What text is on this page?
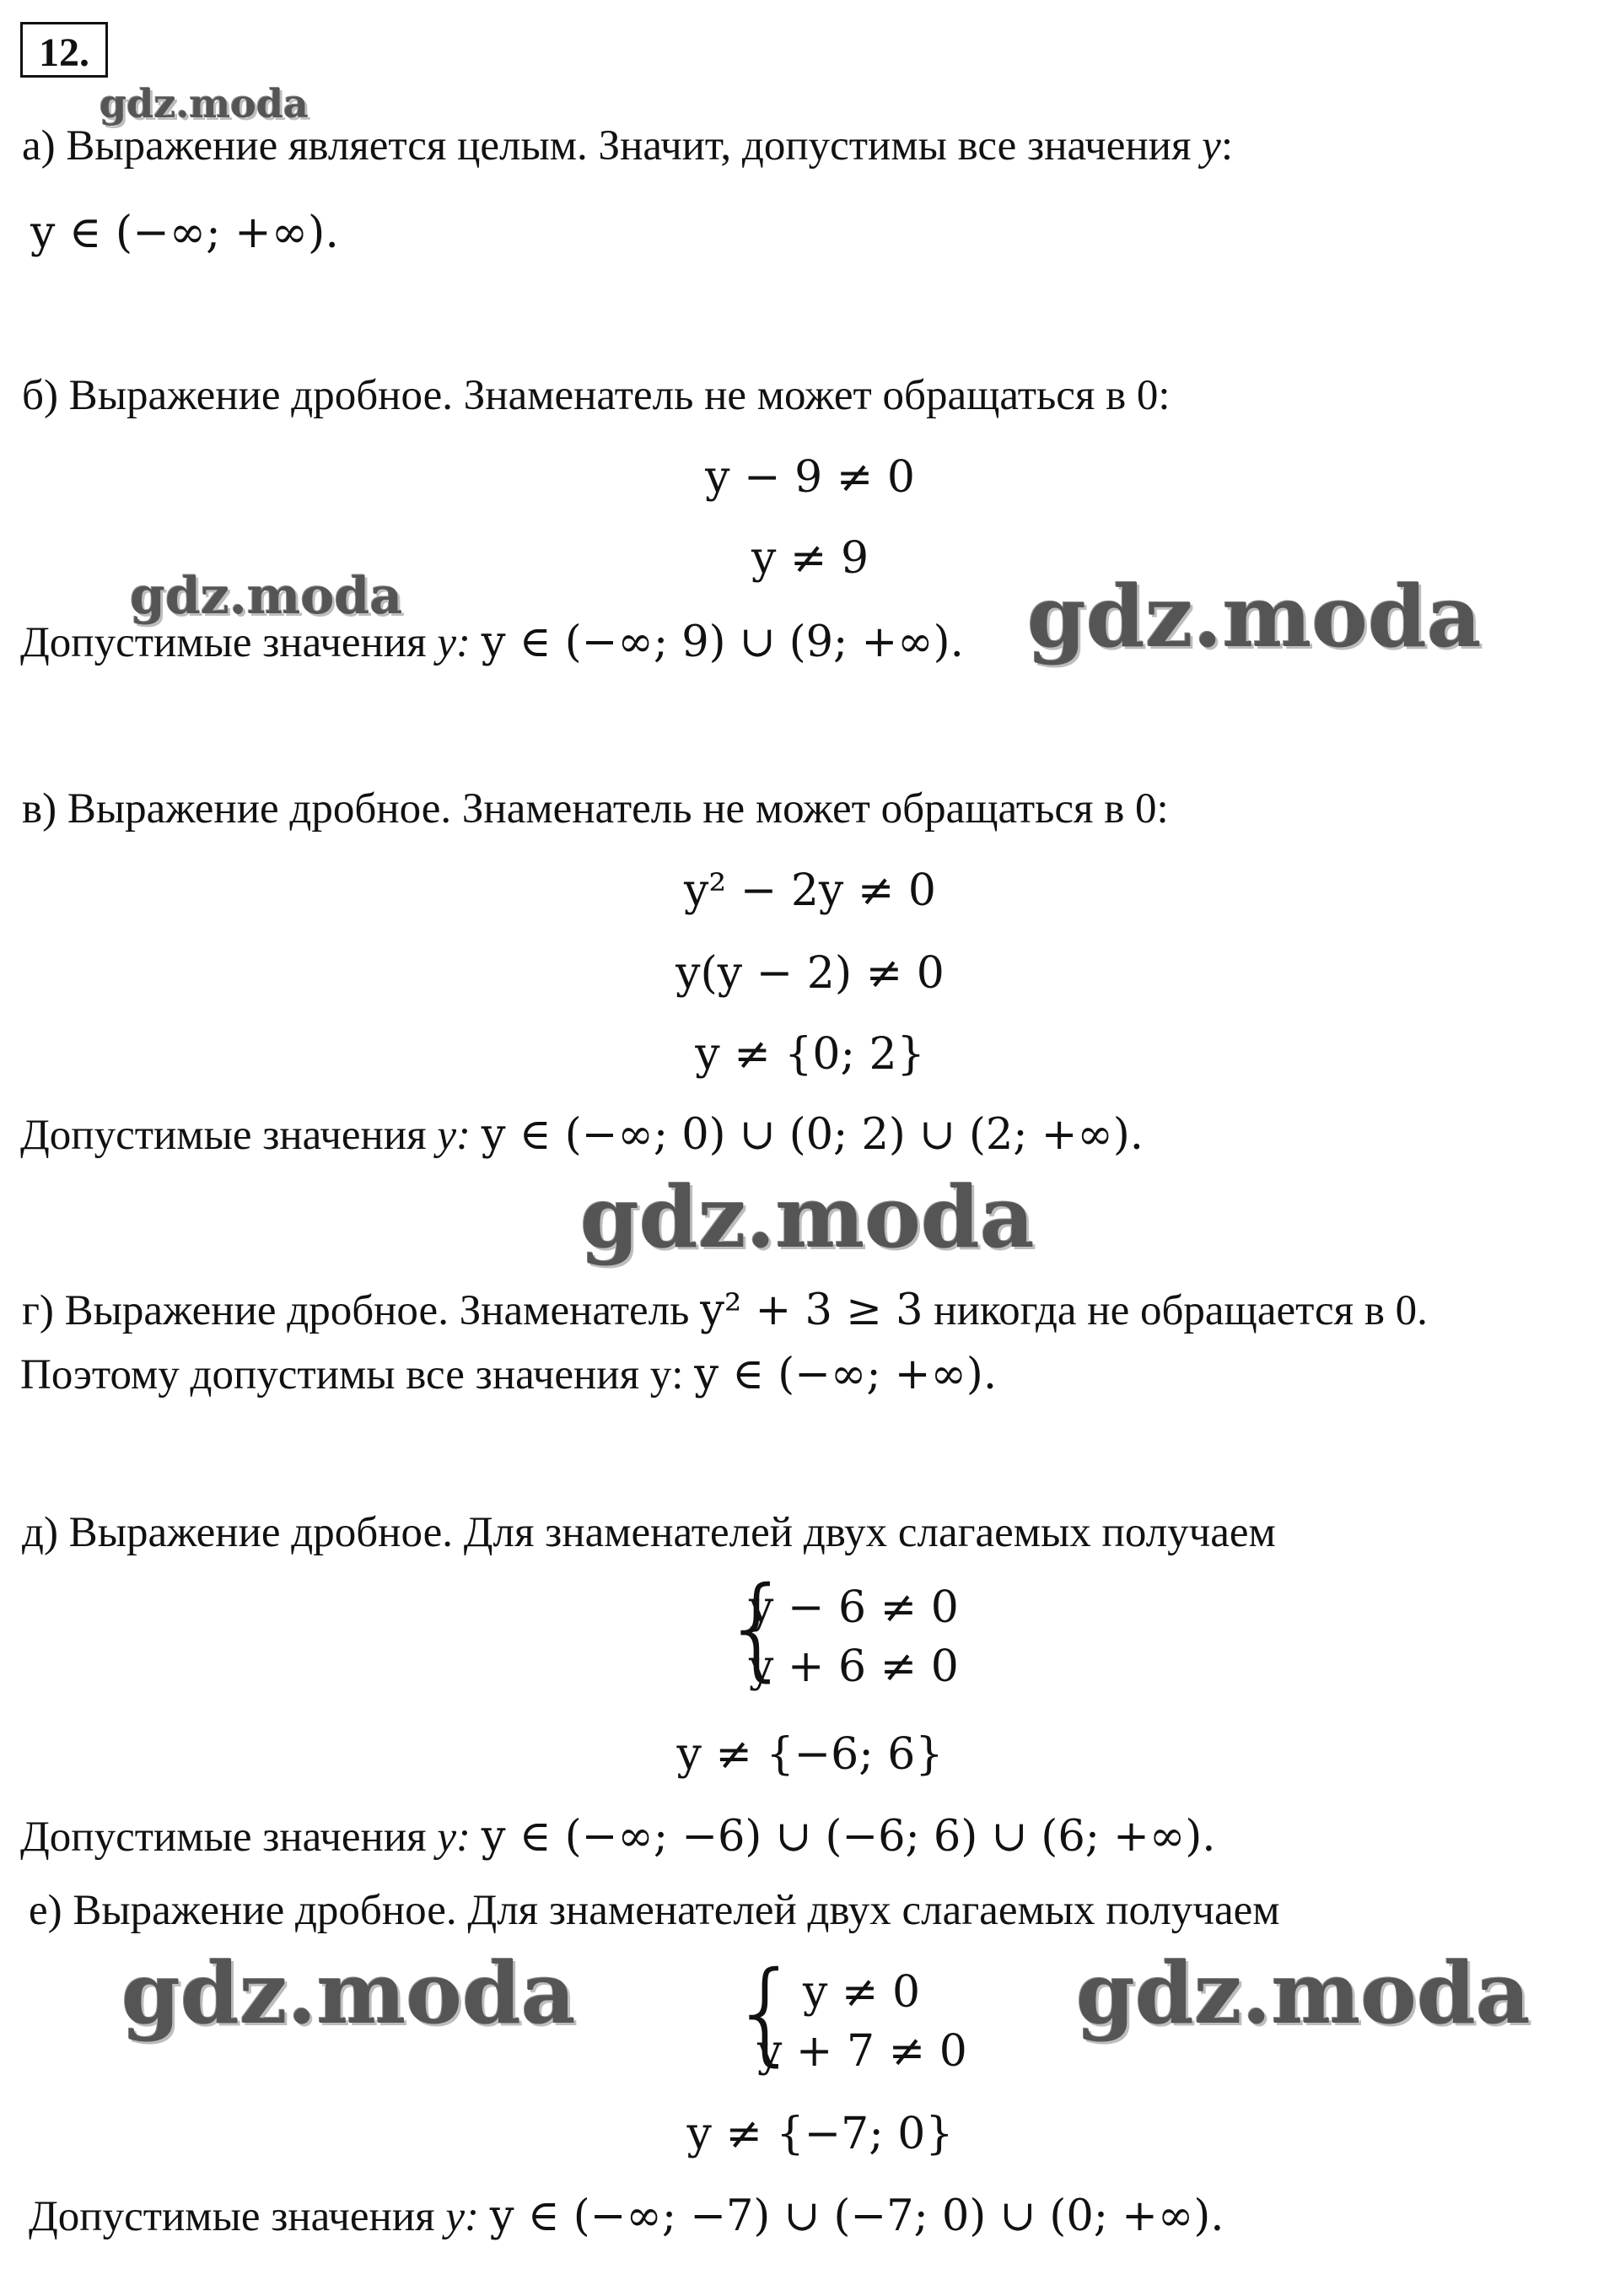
12.
gdz.moda
gdz.moda	gdz.moda
gdz.moda
gdz.moda	gdz.moda
а) Выражение является целым. Значит, допустимы все значения y:
y ∈ (−∞; +∞).
б) Выражение дробное. Знаменатель не может обращаться в 0:
y − 9 ≠ 0
y ≠ 9
Допустимые значения y: y ∈ (−∞; 9) ∪ (9; +∞).
в) Выражение дробное. Знаменатель не может обращаться в 0:
y² − 2y ≠ 0
y(y − 2) ≠ 0
y ≠ {0; 2}
Допустимые значения y: y ∈ (−∞; 0) ∪ (0; 2) ∪ (2; +∞).
г) Выражение дробное. Знаменатель y² + 3 ≥ 3 никогда не обращается в 0.
Поэтому допустимы все значения y: y ∈ (−∞; +∞).
д) Выражение дробное. Для знаменателей двух слагаемых получаем
{
y − 6 ≠ 0
y + 6 ≠ 0
y ≠ {−6; 6}
Допустимые значения y: y ∈ (−∞; −6) ∪ (−6; 6) ∪ (6; +∞).
е) Выражение дробное. Для знаменателей двух слагаемых получаем
{ y ≠ 0
y + 7 ≠ 0
y ≠ {−7; 0}
Допустимые значения y: y ∈ (−∞; −7) ∪ (−7; 0) ∪ (0; +∞).
